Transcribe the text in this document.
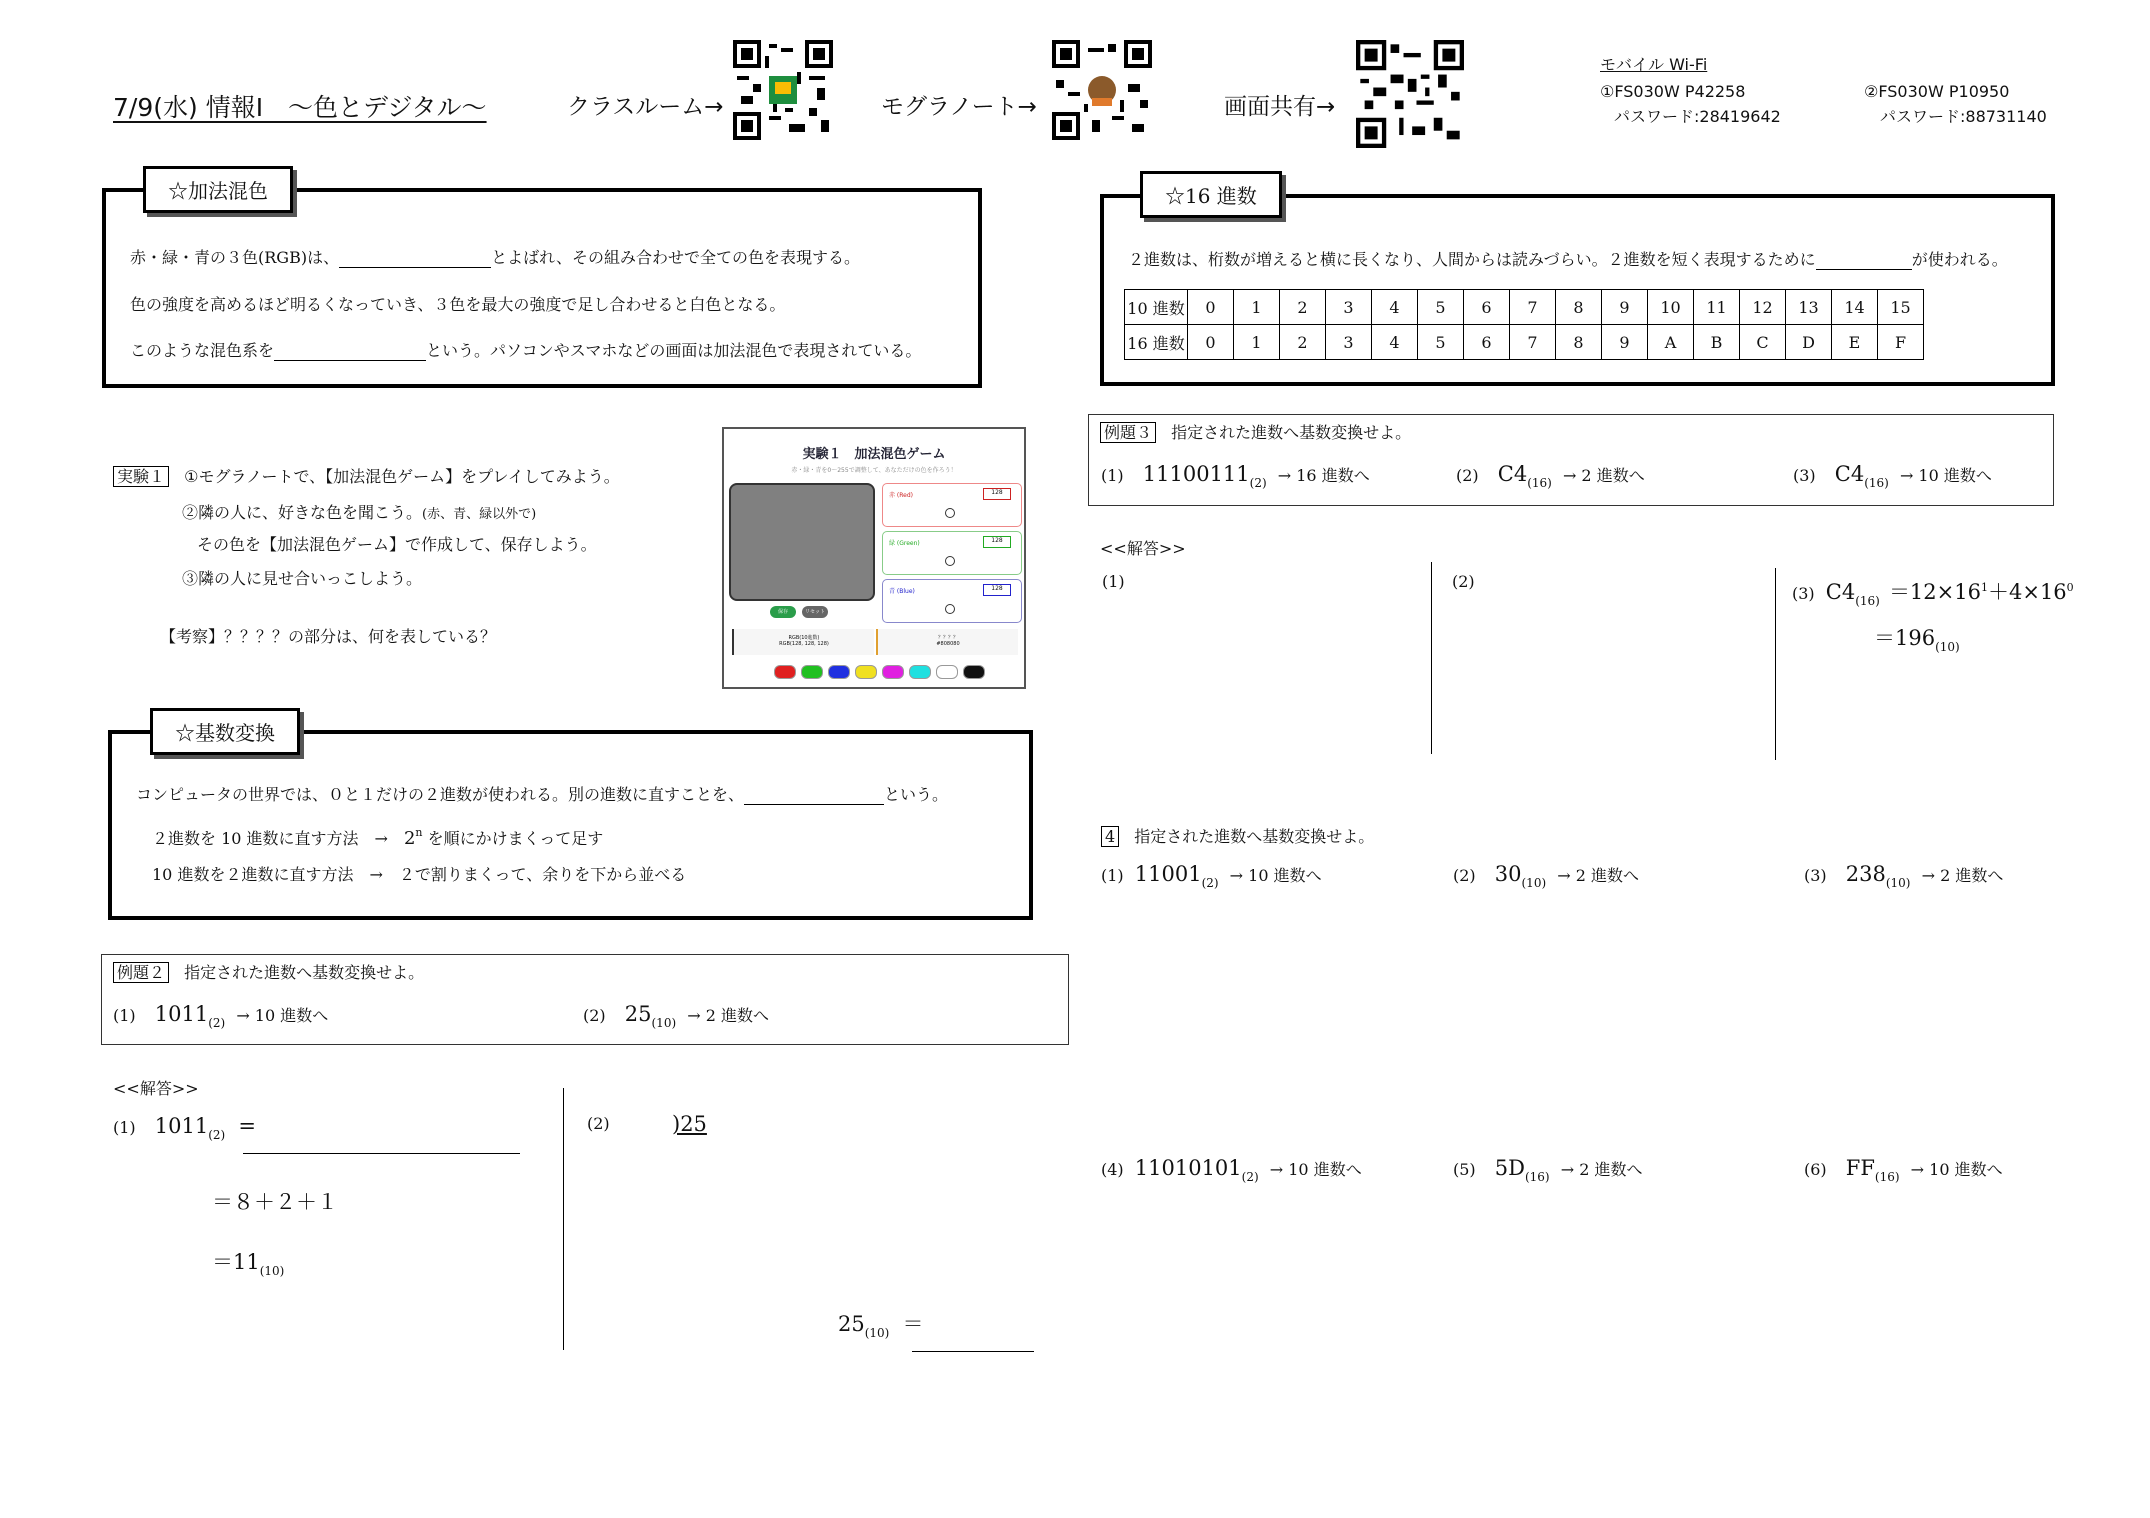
7/9(水) 情報Ⅰ　～色とデジタル～	クラスルーム→	モグラノート→	画面共有→
モバイル Wi-Fi
①FS030W P42258
パスワード:28419642
②FS030W P10950
パスワード:88731140
☆加法混色
赤・緑・青の３色(RGB)は、	とよばれ、その組み合わせで全ての色を表現する。
色の強度を高めるほど明るくなっていき、３色を最大の強度で足し合わせると白色となる。
このような混色系を	という。パソコンやスマホなどの画面は加法混色で表現されている。
実験１ ①モグラノートで、【加法混色ゲーム】をプレイしてみよう。
②隣の人に、好きな色を聞こう。(赤、青、緑以外で)
その色を【加法混色ゲーム】で作成して、保存しよう。
③隣の人に見せ合いっこしよう。
【考察】？？？？の部分は、何を表している？
実験１　加法混色ゲーム
赤・緑・青を0〜255で調整して、あなただけの色を作ろう！
赤 (Red)	128
緑 (Green)	128
青 (Blue)	128
保存	リセット
RGB(10進数)
RGB(128, 128, 128)
？？？？
#808080
☆基数変換
コンピュータの世界では、０と１だけの２進数が使われる。別の進数に直すことを、	という。
２進数を 10 進数に直す方法　→　$2^n$ を順にかけまくって足す
10 進数を２進数に直す方法　→　２で割りまくって、余りを下から並べる
例題２ 指定された進数へ基数変換せよ。
(1) $1011_{(2)} \to 10$ 進数へ	(2) $25_{(10)} \to 2$ 進数へ
<<解答>>
(1) $1011_{(2)}$ =
＝８＋２＋１
$=11_{(10)}$
(2)	)25
$25_{(10)}$ ＝
☆16 進数
２進数は、桁数が増えると横に長くなり、人間からは読みづらい。２進数を短く表現するために	が使われる。
10 進数	0	1	2	3	4	5	6	7	8	9	10	11	12	13	14	15
16 進数	0	1	2	3	4	5	6	7	8	9	A	B	C	D	E	F
例題３ 指定された進数へ基数変換せよ。
(1) $11100111_{(2)} \to 16$ 進数へ	(2) $C4_{(16)} \to 2$ 進数へ	(3) $C4_{(16)} \to 10$ 進数へ
<<解答>>
(1)	(2)
(3) $C4_{(16)} =12\times 16^1+4\times 16^0$
$=196_{(10)}$
4 指定された進数へ基数変換せよ。
(1) $11001_{(2)} \to 10$ 進数へ	(2) $30_{(10)} \to 2$ 進数へ	(3) $238_{(10)} \to 2$ 進数へ
(4) $11010101_{(2)} \to 10$ 進数へ	(5) $5D_{(16)} \to 2$ 進数へ	(6) $FF_{(16)} \to 10$ 進数へ
